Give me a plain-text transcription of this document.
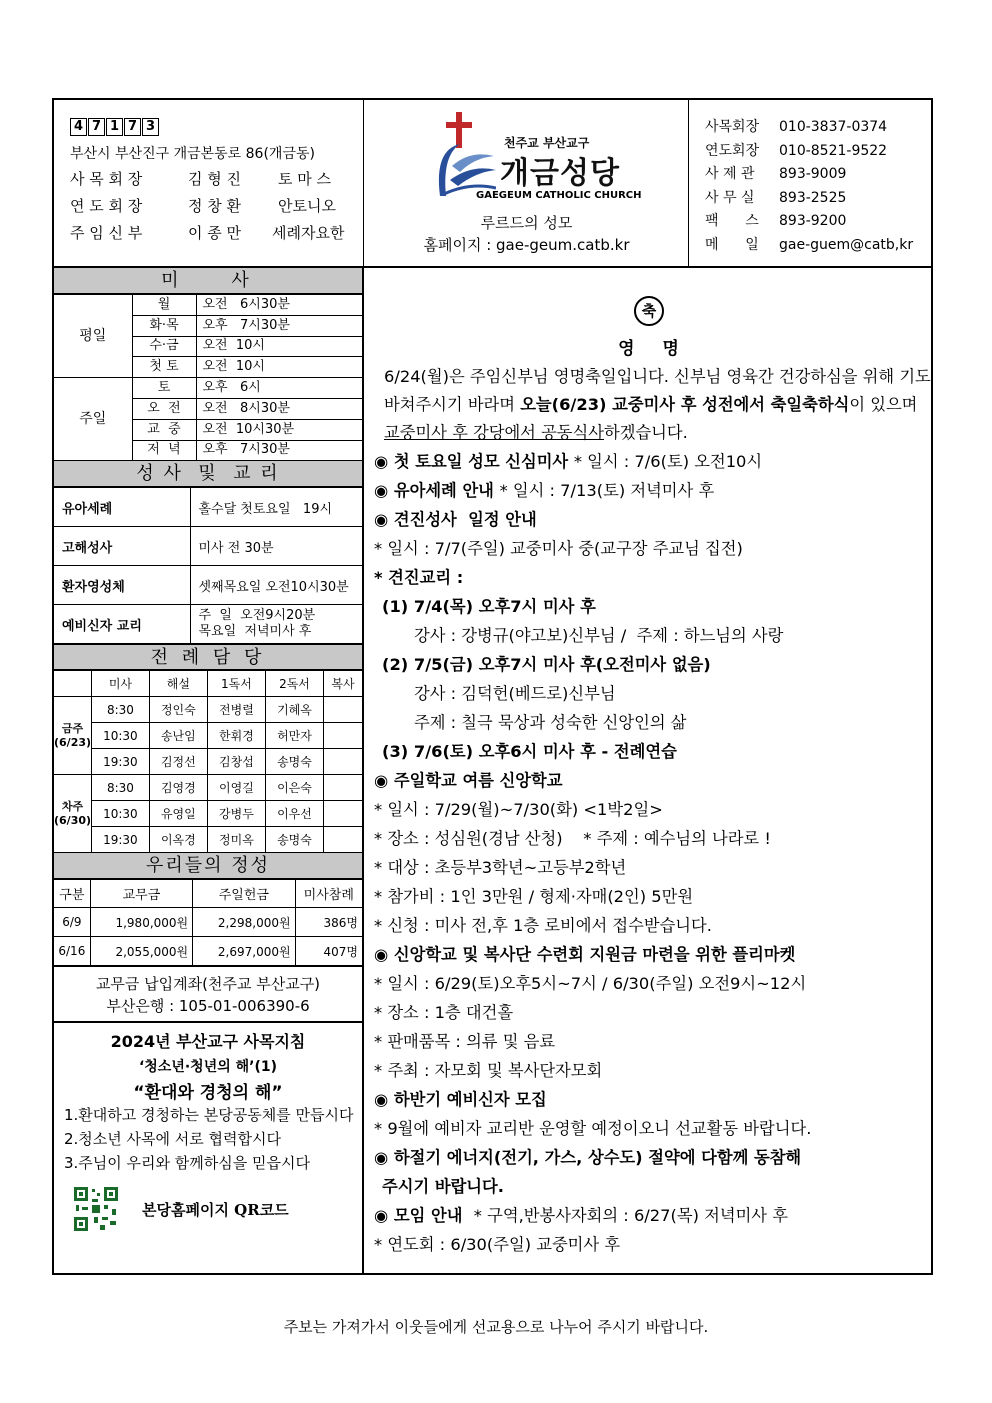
4 7 1 7 3
부산시 부산진구 개금본동로 86(개금동)
사 목 회 장	김 형 진 토 마 스
연 도 회 장	정 창 환 안토니오
주 임 신 부	이 종 만 세례자요한
천주교 부산교구
개금성당
GAEGEUM CATHOLIC CHURCH
루르드의 성모
홈페이지 : gae-geum.catb.kr
사목회장	010-3837-0374
연도회장	010-8521-9522
사 제 관	893-9009
사 무 실	893-2525
팩      스	893-9200
메      일	gae-guem@catb,kr
미    사
평일	월	오전   6시30분
	화·목	오후   7시30분
	수·금	오전  10시
	첫 토	오전  10시
주일	토	오후   6시
	오  전	오전   8시30분
	교  중	오전  10시30분
	저  녁	오후   7시30분
성 사  및  교 리
유아세례	홀수달 첫토요일   19시
고해성사	미사 전 30분
환자영성체	셋째목요일 오전10시30분
예비신자 교리	주  일  오전9시20분
목요일  저녁미사 후
전 례 담 당
	미사	해설	1독서	2독서	복사
금주(6/23)	8:30	정인숙	전병렬	기혜옥	
	10:30	송난임	한휘경	허만자	
	19:30	김정선	김창섭	송명숙	
차주(6/30)	8:30	김영경	이영길	이은숙	
	10:30	유영일	강병두	이우선	
	19:30	이옥경	정미옥	송명숙	
우리들의 정성
구분	교무금	주일헌금	미사참례
6/9	1,980,000원	2,298,000원	386명
6/16	2,055,000원	2,697,000원	407명
교무금 납입계좌(천주교 부산교구)
부산은행 : 105-01-006390-6
2024년 부산교구 사목지침
‘청소년·청년의 해’(1)
“환대와 경청의 해”
1.환대하고 경청하는 본당공동체를 만듭시다
2.청소년 사목에 서로 협력합시다
3.주님이 우리와 함께하심을 믿읍시다
본당홈페이지 QR코드
축
영명
6/24(월)은 주임신부님 영명축일입니다. 신부님 영육간 건강하심을 위해 기도바쳐주시기 바라며 오늘(6/23) 교중미사 후 성전에서 축일축하식이 있으며 교중미사 후 강당에서 공동식사하겠습니다.
◉ 첫 토요일 성모 신심미사 * 일시 : 7/6(토) 오전10시
◉ 유아세례 안내 * 일시 : 7/13(토) 저녁미사 후
◉ 견진성사  일정 안내
* 일시 : 7/7(주일) 교중미사 중(교구장 주교님 집전)
* 견진교리 :
(1) 7/4(목) 오후7시 미사 후
강사 : 강병규(야고보)신부님 /  주제 : 하느님의 사랑
(2) 7/5(금) 오후7시 미사 후(오전미사 없음)
강사 : 김덕헌(베드로)신부님
주제 : 칠극 묵상과 성숙한 신앙인의 삶
(3) 7/6(토) 오후6시 미사 후 - 전례연습
◉ 주일학교 여름 신앙학교
* 일시 : 7/29(월)~7/30(화) <1박2일>
* 장소 : 성심원(경남 산청)    * 주제 : 예수님의 나라로 !
* 대상 : 초등부3학년~고등부2학년
* 참가비 : 1인 3만원 / 형제·자매(2인) 5만원
* 신청 : 미사 전,후 1층 로비에서 접수받습니다.
◉ 신앙학교 및 복사단 수련회 지원금 마련을 위한 플리마켓
* 일시 : 6/29(토)오후5시~7시 / 6/30(주일) 오전9시~12시
* 장소 : 1층 대건홀
* 판매품목 : 의류 및 음료
* 주최 : 자모회 및 복사단자모회
◉ 하반기 예비신자 모집
* 9월에 예비자 교리반 운영할 예정이오니 선교활동 바랍니다.
◉ 하절기 에너지(전기, 가스, 상수도) 절약에 다함께 동참해
주시기 바랍니다.
◉ 모임 안내  * 구역,반봉사자회의 : 6/27(목) 저녁미사 후
* 연도회 : 6/30(주일) 교중미사 후
주보는 가져가서 이웃들에게 선교용으로 나누어 주시기 바랍니다.
